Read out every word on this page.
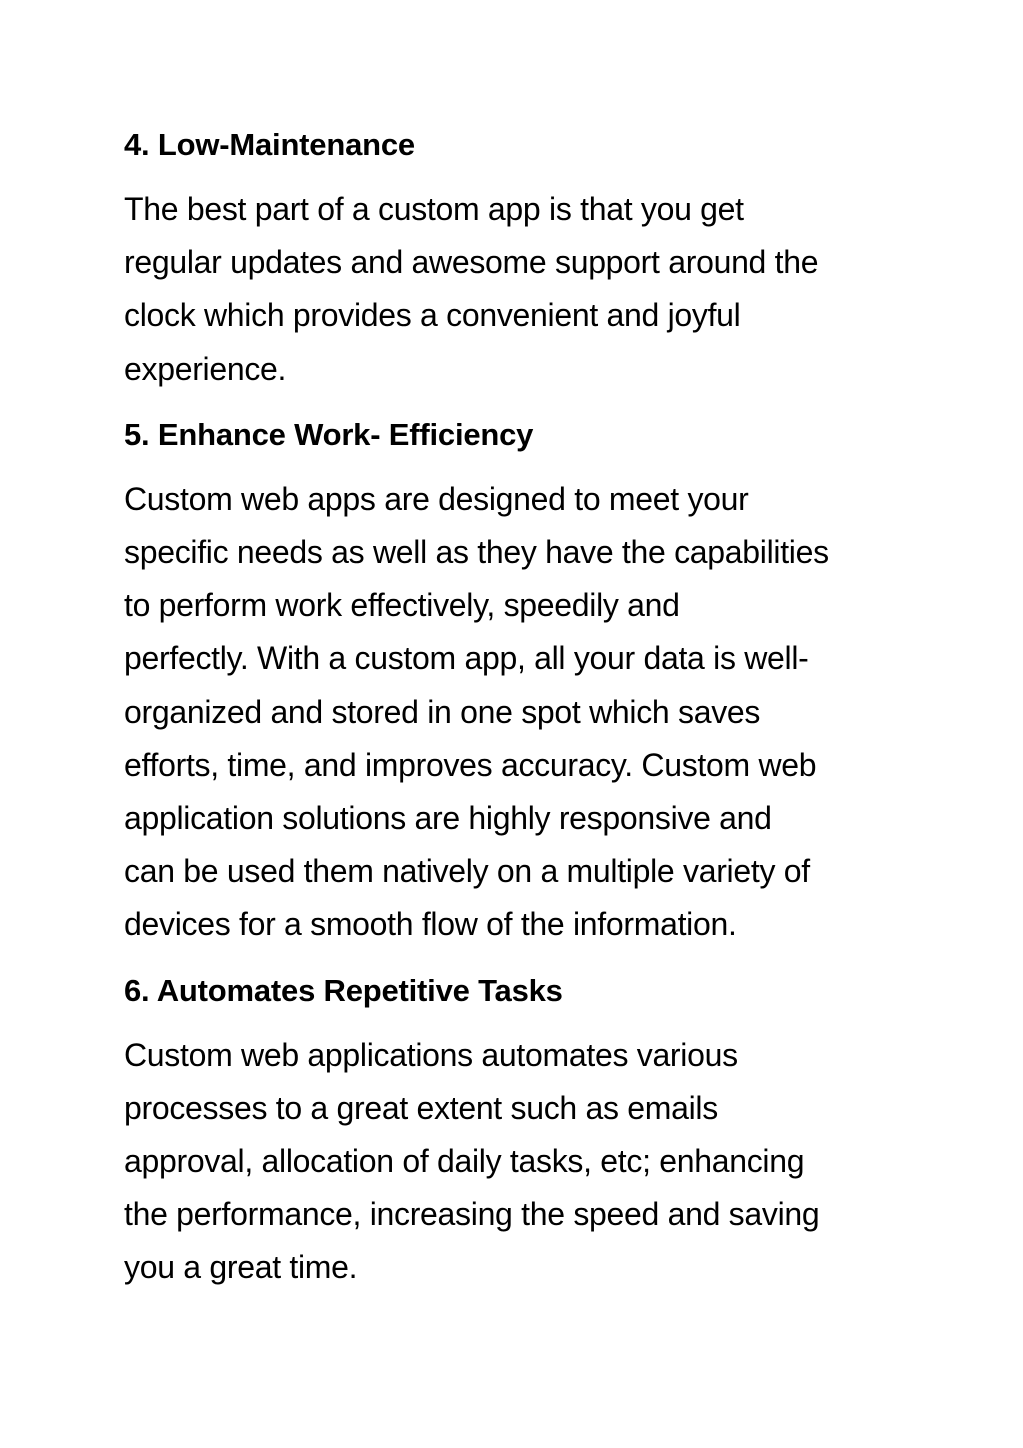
4. Low-Maintenance
The best part of a custom app is that you get
regular updates and awesome support around the
clock which provides a convenient and joyful
experience.
5. Enhance Work- Efficiency
Custom web apps are designed to meet your
specific needs as well as they have the capabilities
to perform work effectively, speedily and
perfectly. With a custom app, all your data is well-
organized and stored in one spot which saves
efforts, time, and improves accuracy. Custom web
application solutions are highly responsive and
can be used them natively on a multiple variety of
devices for a smooth flow of the information.
6. Automates Repetitive Tasks
Custom web applications automates various
processes to a great extent such as emails
approval, allocation of daily tasks, etc; enhancing
the performance, increasing the speed and saving
you a great time.
